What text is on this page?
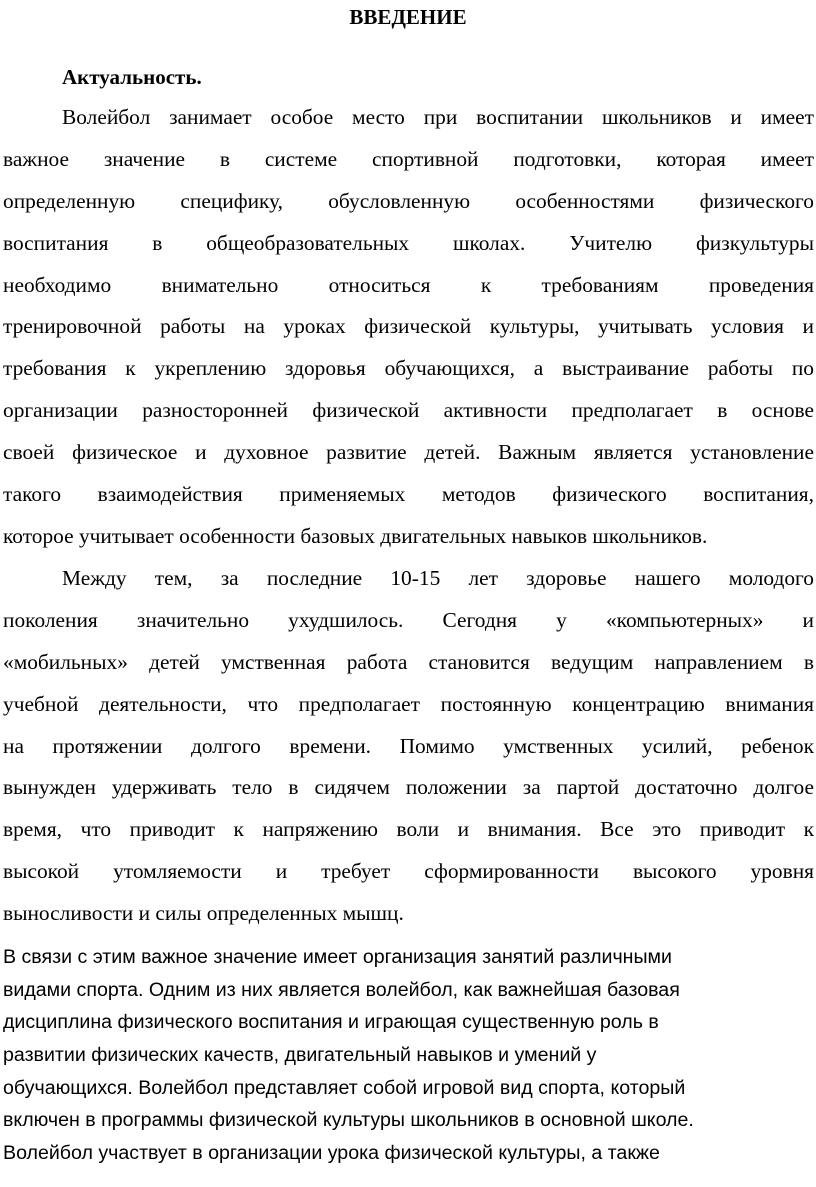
ВВЕДЕНИЕ
Актуальность.
Волейбол занимает особое место при воспитании школьников и имеет
важное значение в системе спортивной подготовки, которая имеет
определенную специфику, обусловленную особенностями физического
воспитания в общеобразовательных школах. Учителю физкультуры
необходимо внимательно относиться к требованиям проведения
тренировочной работы на уроках физической культуры, учитывать условия и
требования к укреплению здоровья обучающихся, а выстраивание работы по
организации разносторонней физической активности предполагает в основе
своей физическое и духовное развитие детей. Важным является установление
такого взаимодействия применяемых методов физического воспитания,
которое учитывает особенности базовых двигательных навыков школьников.
Между тем, за последние 10-15 лет здоровье нашего молодого
поколения значительно ухудшилось. Сегодня у «компьютерных» и
«мобильных» детей умственная работа становится ведущим направлением в
учебной деятельности, что предполагает постоянную концентрацию внимания
на протяжении долгого времени. Помимо умственных усилий, ребенок
вынужден удерживать тело в сидячем положении за партой достаточно долгое
время, что приводит к напряжению воли и внимания. Все это приводит к
высокой утомляемости и требует сформированности высокого уровня
выносливости и силы определенных мышц.
В связи с этим важное значение имеет организация занятий различными
видами спорта. Одним из них является волейбол, как важнейшая базовая
дисциплина физического воспитания и играющая существенную роль в
развитии физических качеств, двигательный навыков и умений у
обучающихся. Волейбол представляет собой игровой вид спорта, который
включен в программы физической культуры школьников в основной школе.
Волейбол участвует в организации урока физической культуры, а также
